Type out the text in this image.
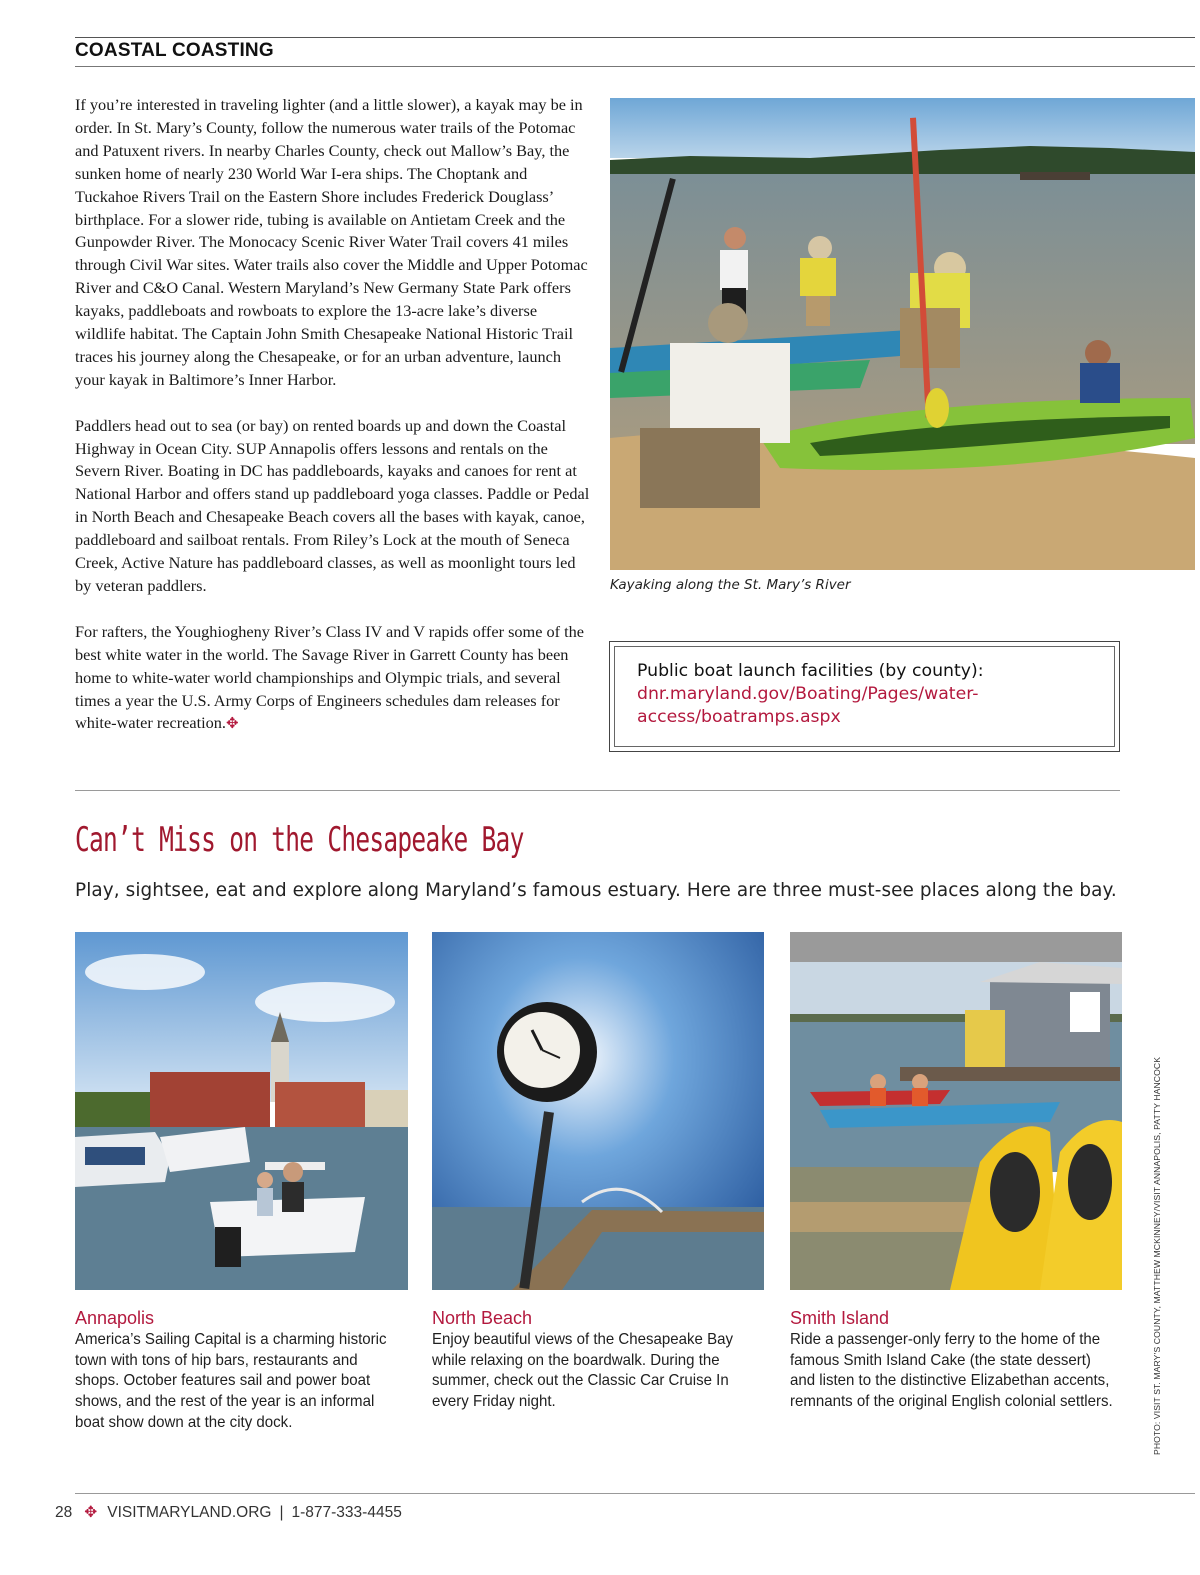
COASTAL COASTING

If you’re interested in traveling lighter (and a little slower), a kayak may be in order. In St. Mary’s County, follow the numerous water trails of the Potomac and Patuxent rivers. In nearby Charles County, check out Mallow’s Bay, the sunken home of nearly 230 World War I-era ships. The Choptank and Tuckahoe Rivers Trail on the Eastern Shore includes Frederick Douglass’ birthplace. For a slower ride, tubing is available on Antietam Creek and the Gunpowder River. The Monocacy Scenic River Water Trail covers 41 miles through Civil War sites. Water trails also cover the Middle and Upper Potomac River and C&O Canal. Western Maryland’s New Germany State Park offers kayaks, paddleboats and rowboats to explore the 13-acre lake’s diverse wildlife habitat. The Captain John Smith Chesapeake National Historic Trail traces his journey along the Chesapeake, or for an urban adventure, launch your kayak in Baltimore’s Inner Harbor.

Paddlers head out to sea (or bay) on rented boards up and down the Coastal Highway in Ocean City. SUP Annapolis offers lessons and rentals on the Severn River. Boating in DC has paddleboards, kayaks and canoes for rent at National Harbor and offers stand up paddleboard yoga classes. Paddle or Pedal in North Beach and Chesapeake Beach covers all the bases with kayak, canoe, paddleboard and sailboat rentals. From Riley’s Lock at the mouth of Seneca Creek, Active Nature has paddleboard classes, as well as moonlight tours led by veteran paddlers.

For rafters, the Youghiogheny River’s Class IV and V rapids offer some of the best white water in the world. The Savage River in Garrett County has been home to white-water world championships and Olympic trials, and several times a year the U.S. Army Corps of Engineers schedules dam releases for white-water recreation.✥

Kayaking along the St. Mary’s River
Public boat launch facilities (by county):
dnr.maryland.gov/Boating/Pages/water-access/boatramps.aspx
Can’t Miss on the Chesapeake Bay
Play, sightsee, eat and explore along Maryland’s famous estuary. Here are three must-see places along the bay.
Annapolis
America’s Sailing Capital is a charming historic town with tons of hip bars, restaurants and shops. October features sail and power boat shows, and the rest of the year is an informal boat show down at the city dock.
North Beach
Enjoy beautiful views of the Chesapeake Bay while relaxing on the boardwalk. During the summer, check out the Classic Car Cruise In every Friday night.
Smith Island
Ride a passenger-only ferry to the home of the famous Smith Island Cake (the state dessert) and listen to the distinctive Elizabethan accents, remnants of the original English colonial settlers.	PHOTO: VISIT ST. MARY’S COUNTY, MATTHEW MCKINNEY/VISIT ANNAPOLIS, PATTY HANCOCK
28 ✥ VISITMARYLAND.ORG | 1-877-333-4455
